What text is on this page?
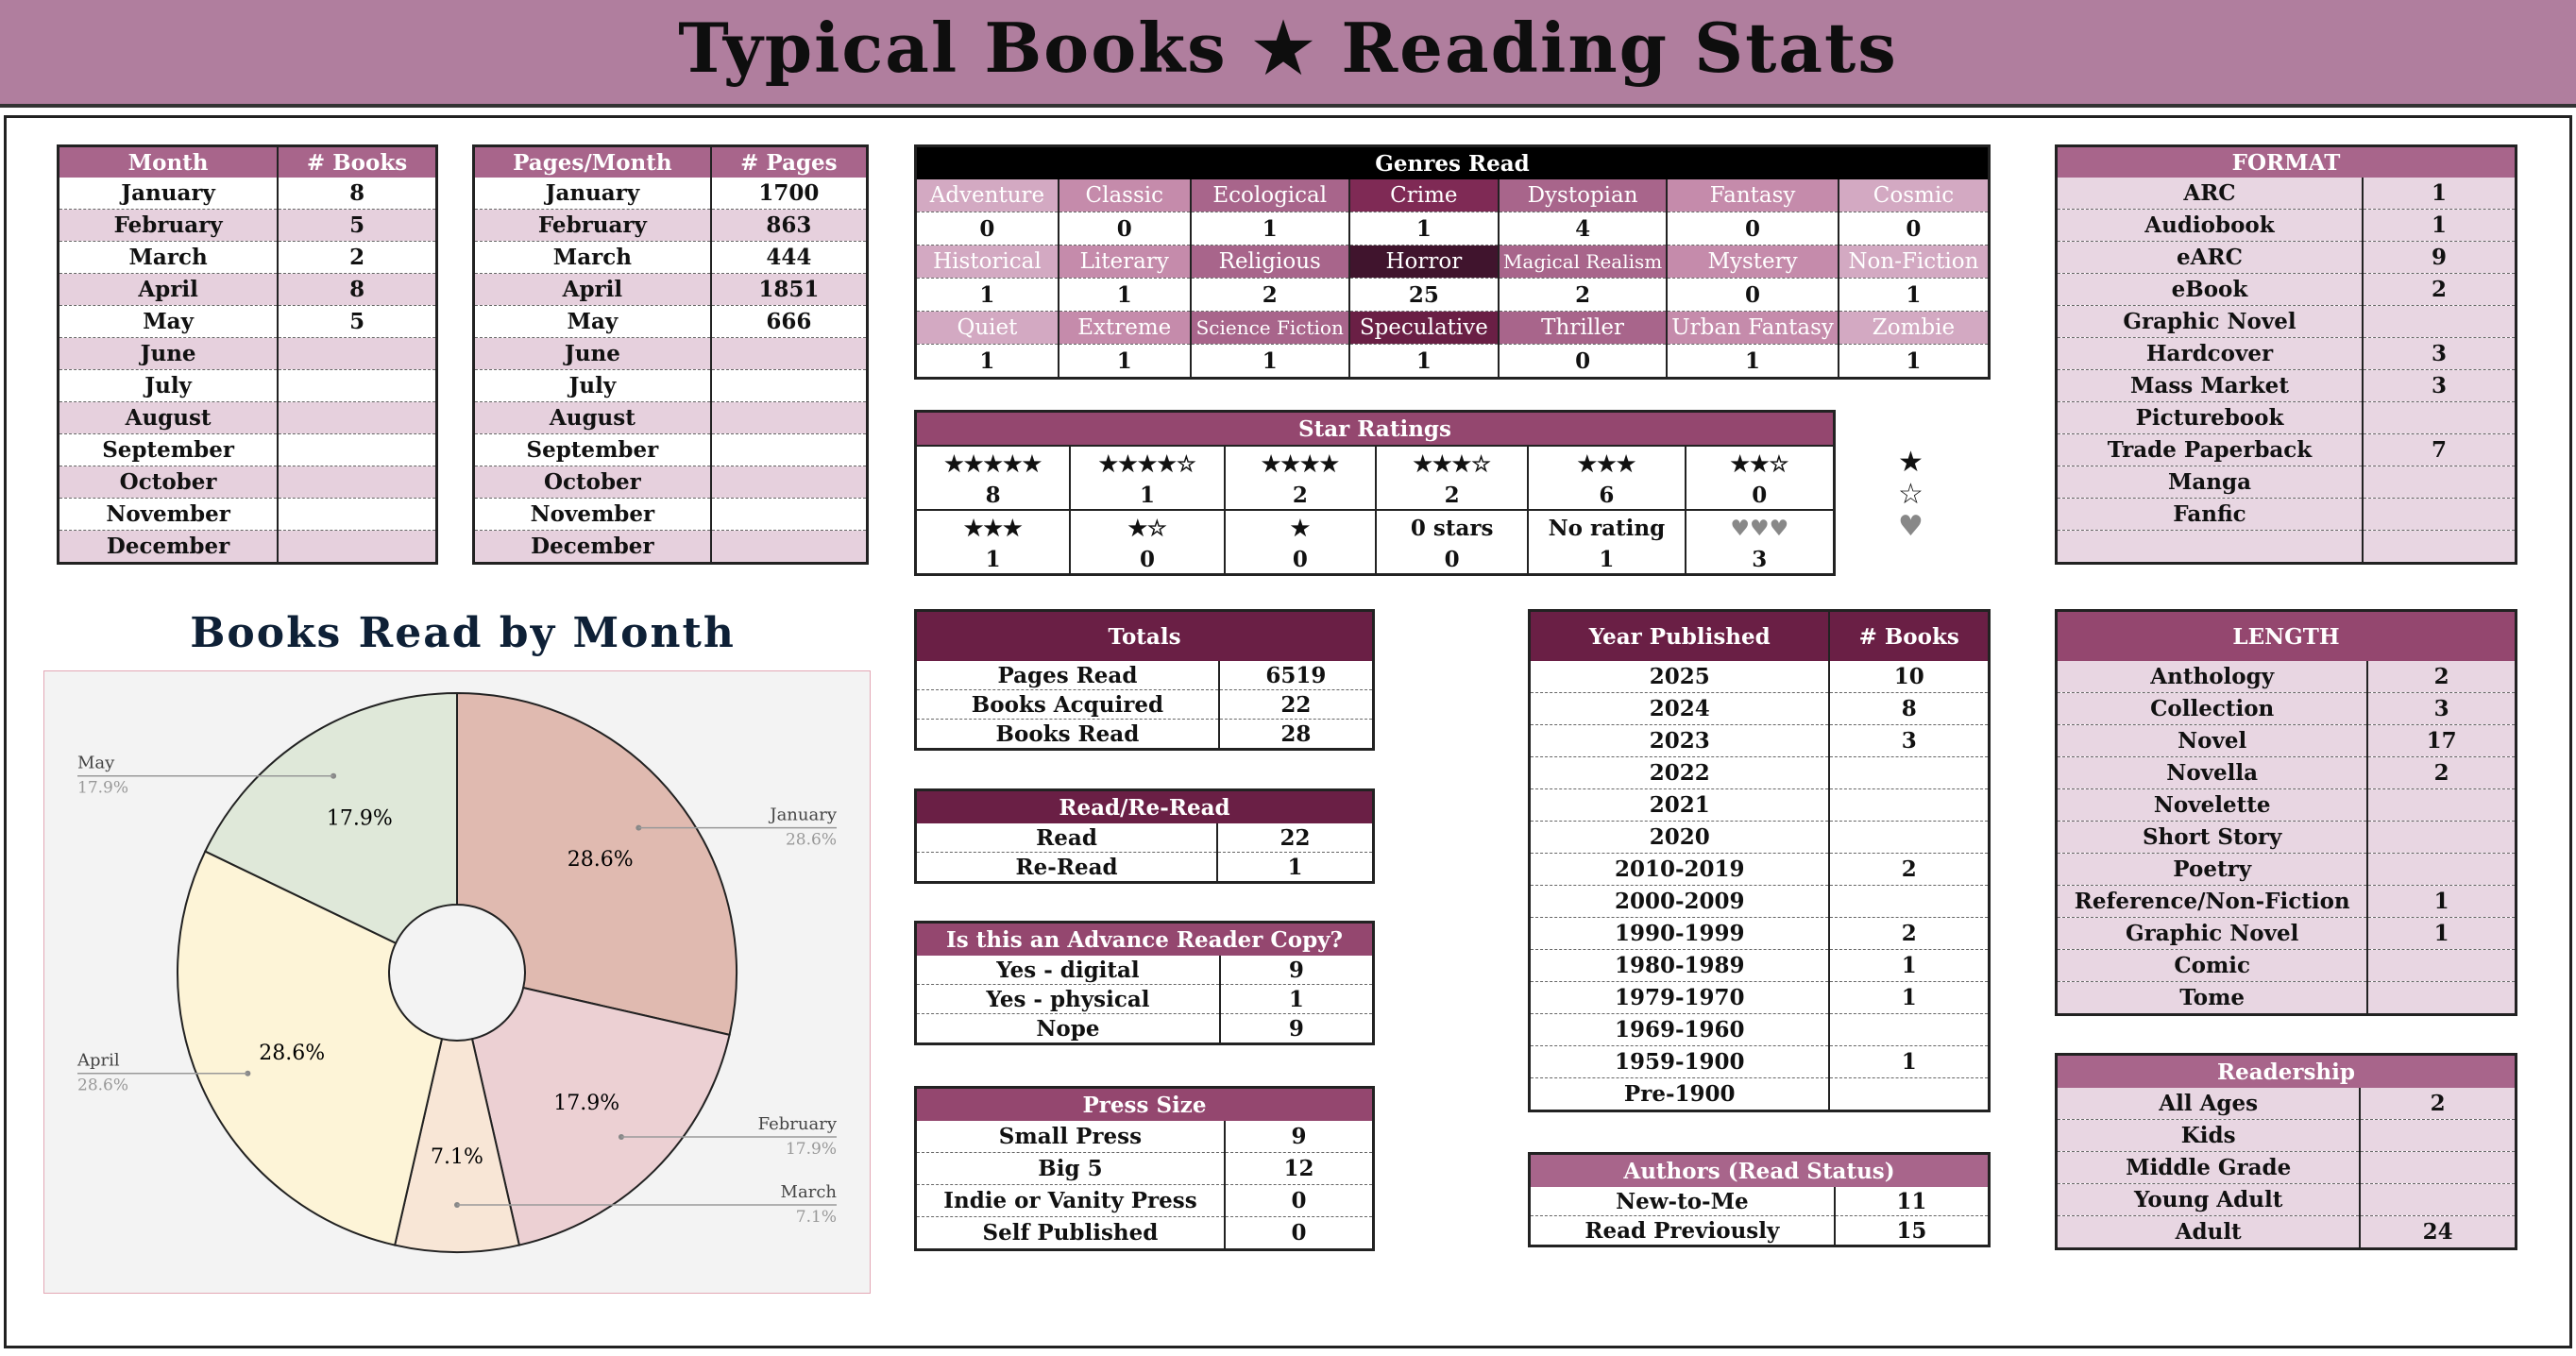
Typical Books ★ Reading Stats
Month	# Books
January	8
February	5
March	2
April	8
May	5
June	
July	
August	
September	
October	
November	
December	
Pages/Month	# Pages
January	1700
February	863
March	444
April	1851
May	666
June	
July	
August	
September	
October	
November	
December	
Genres Read						
Adventure	Classic	Ecological	Crime	Dystopian	Fantasy	Cosmic
0	0	1	1	4	0	0
Historical	Literary	Religious	Horror	Magical Realism	Mystery	Non-Fiction
1	1	2	25	2	0	1
Quiet	Extreme	Science Fiction	Speculative	Thriller	Urban Fantasy	Zombie
1	1	1	1	0	1	1
Star Ratings					
★★★★★	★★★★☆	★★★★	★★★☆	★★★	★★☆
8	1	2	2	6	0
★★★	★☆	★	0 stars	No rating	♥♥♥
1	0	0	0	1	3
FORMAT	
ARC	1
Audiobook	1
eARC	9
eBook	2
Graphic Novel	
Hardcover	3
Mass Market	3
Picturebook	
Trade Paperback	7
Manga	
Fanfic	

Totals	
Pages Read	6519
Books Acquired	22
Books Read	28
Read/Re-Read	
Read	22
Re-Read	1
Is this an Advance Reader Copy?	
Yes - digital	9
Yes - physical	1
Nope	9
Press Size	
Small Press	9
Big 5	12
Indie or Vanity Press	0
Self Published	0
Year Published	# Books
2025	10
2024	8
2023	3
2022	
2021	
2020	
2010-2019	2
2000-2009	
1990-1999	2
1980-1989	1
1979-1970	1
1969-1960	
1959-1900	1
Pre-1900	
Authors (Read Status)	
New-to-Me	11
Read Previously	15
LENGTH	
Anthology	2
Collection	3
Novel	17
Novella	2
Novelette	
Short Story	
Poetry	
Reference/Non-Fiction	1
Graphic Novel	1
Comic	
Tome	
Readership	
All Ages	2
Kids	
Middle Grade	
Young Adult	
Adult	24
Books Read by Month
28.6%
January
28.6%
17.9%
February
17.9%
7.1%
March
7.1%
28.6%
April
28.6%
17.9%
May
17.9%
★
☆
♥
